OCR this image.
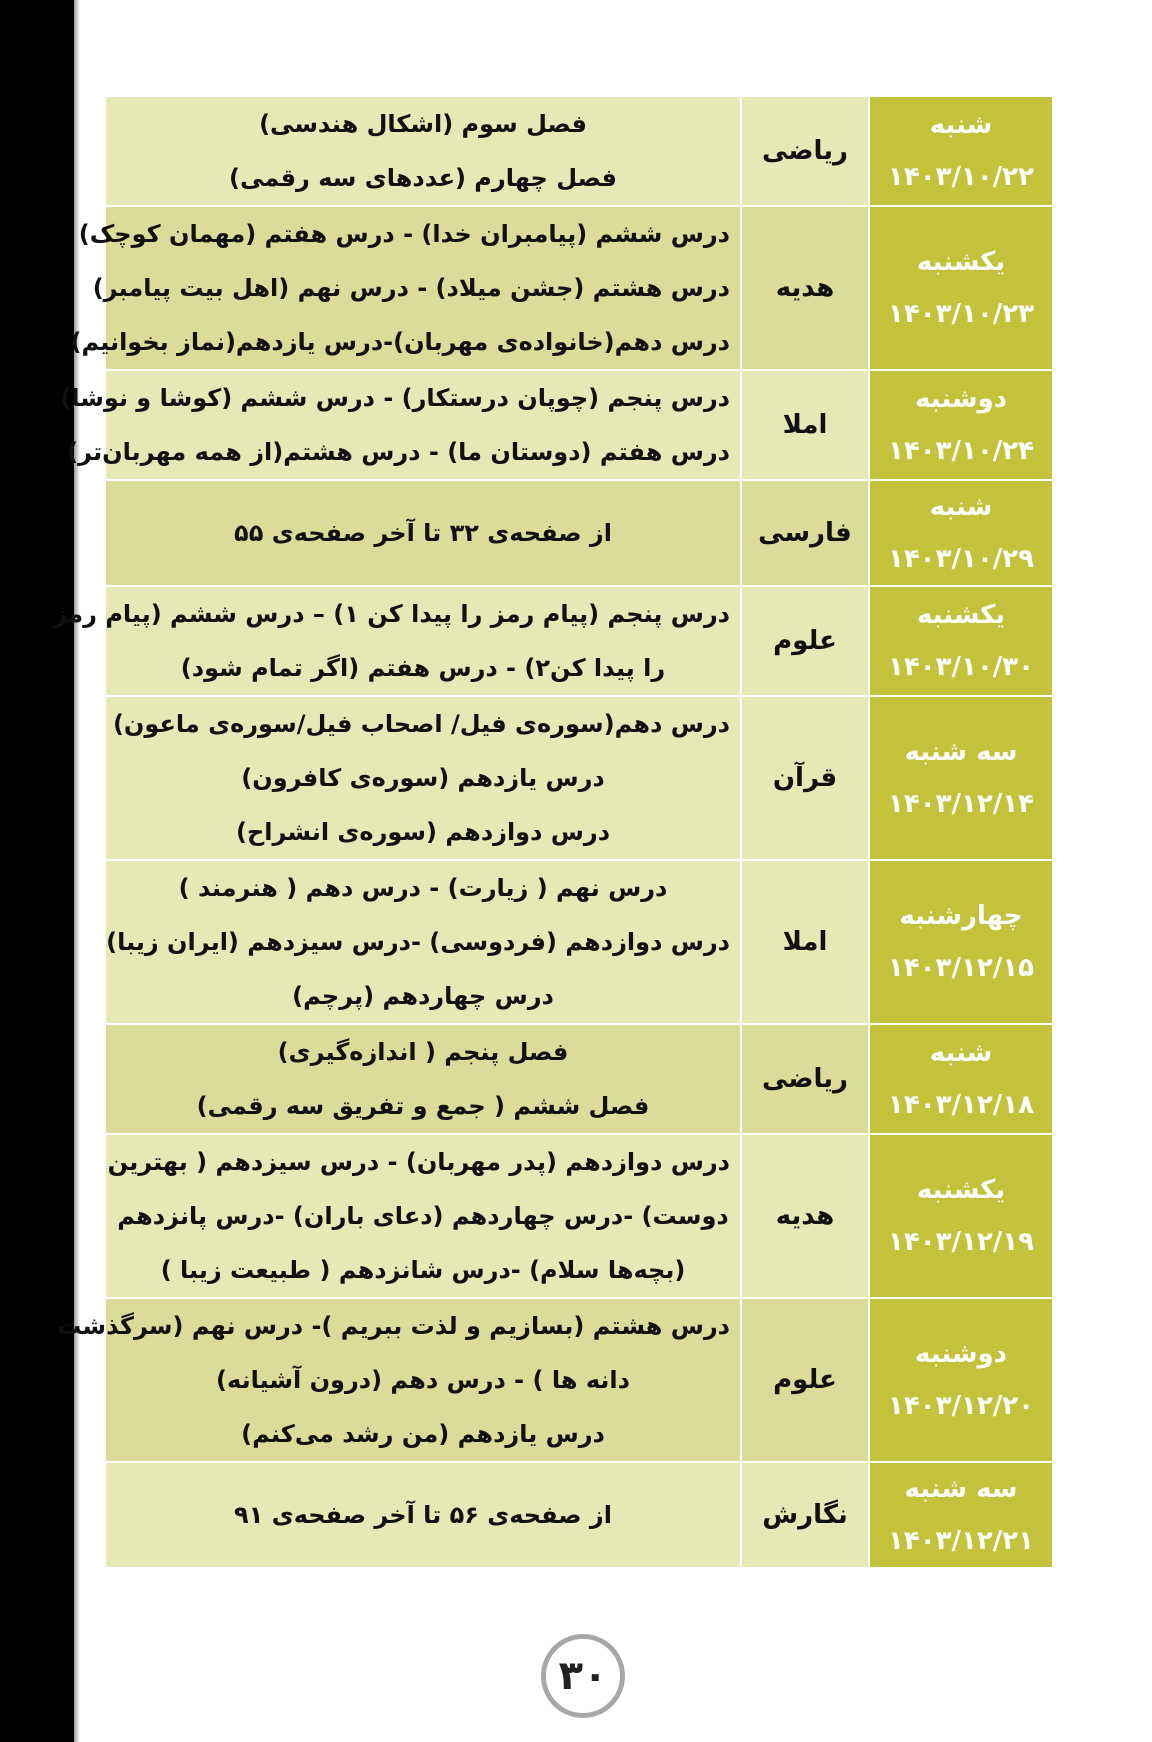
شنبه
۱۴۰۳/۱۰/۲۲	ریاضی	فصل سوم (اشکال هندسی)
فصل چهارم (عددهای سه رقمی)

یکشنبه
۱۴۰۳/۱۰/۲۳	هدیه	درس ششم (پیامبران خدا) - درس هفتم (مهمان کوچک)
درس هشتم (جشن میلاد) - درس نهم (اهل بیت پیامبر)
درس دهم(خانواده‌ی مهربان)-درس یازدهم(نماز بخوانیم)

دوشنبه
۱۴۰۳/۱۰/۲۴	املا	درس پنجم (چوپان درستکار) - درس ششم (کوشا و نوشا)
درس هفتم (دوستان ما) - درس هشتم(از همه مهربان‌تر)

شنبه
۱۴۰۳/۱۰/۲۹	فارسی	از صفحه‌ی ۳۲ تا آخر صفحه‌ی ۵۵

یکشنبه
۱۴۰۳/۱۰/۳۰	علوم	درس پنجم (پیام رمز را پیدا کن ۱) – درس ششم (پیام رمز
را پیدا کن۲) - درس هفتم (اگر تمام شود)

سه شنبه
۱۴۰۳/۱۲/۱۴	قرآن	درس دهم(سوره‌ی فیل/ اصحاب فیل/سوره‌ی ماعون)
درس یازدهم (سوره‌ی کافرون)
درس دوازدهم (سوره‌ی انشراح)

چهارشنبه
۱۴۰۳/۱۲/۱۵	املا	درس نهم ( زیارت) - درس دهم ( هنرمند )
درس دوازدهم (فردوسی) -درس سیزدهم (ایران زیبا)
درس چهاردهم (پرچم)

شنبه
۱۴۰۳/۱۲/۱۸	ریاضی	فصل پنجم ( اندازه‌گیری)
فصل ششم ( جمع و تفریق سه رقمی)

یکشنبه
۱۴۰۳/۱۲/۱۹	هدیه	درس دوازدهم (پدر مهربان) - درس سیزدهم ( بهترین
دوست) -درس چهاردهم (دعای باران) -درس پانزدهم
(بچه‌ها سلام) -درس شانزدهم ( طبیعت زیبا )

دوشنبه
۱۴۰۳/۱۲/۲۰	علوم	درس هشتم (بسازیم و لذت ببریم )- درس نهم (سرگذشت
دانه ها ) - درس دهم (درون آشیانه)
درس یازدهم (من رشد می‌کنم)

سه شنبه
۱۴۰۳/۱۲/۲۱	نگارش	از صفحه‌ی ۵۶ تا آخر صفحه‌ی ۹۱
۳۰
